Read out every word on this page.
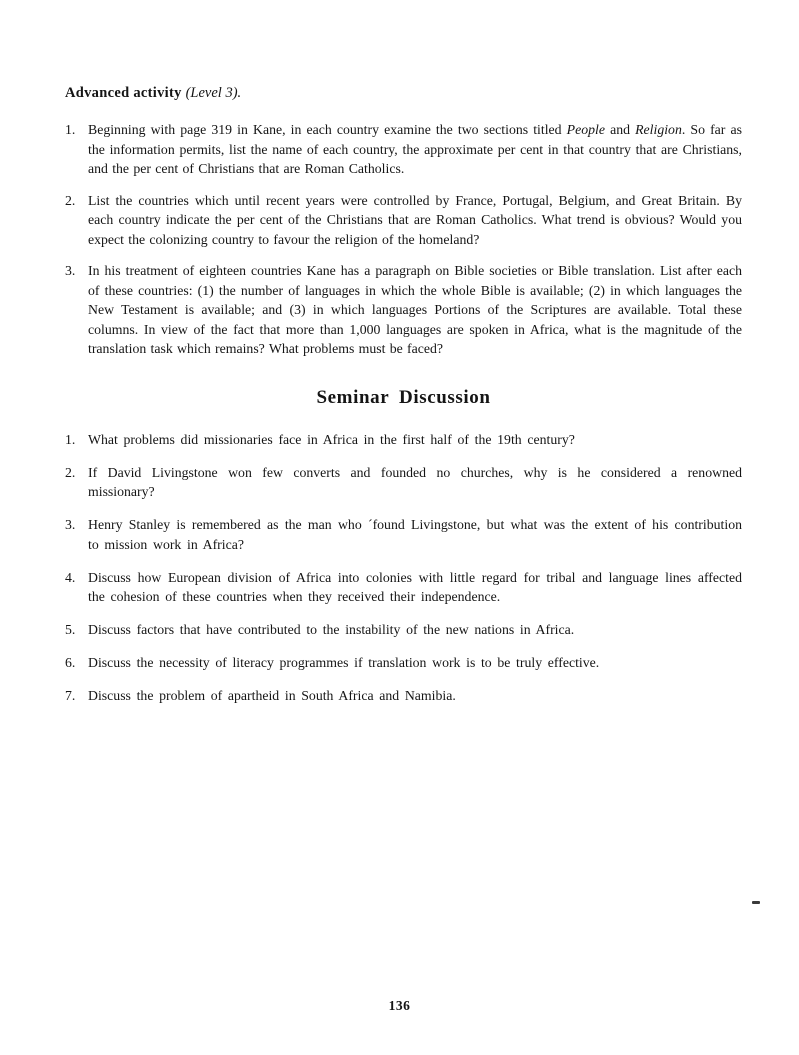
Advanced activity (Level 3).

1. Beginning with page 319 in Kane, in each country examine the two sections titled People and Religion. So far as the information permits, list the name of each country, the approximate per cent in that country that are Christians, and the per cent of Christians that are Roman Catholics.
2. List the countries which until recent years were controlled by France, Portugal, Belgium, and Great Britain. By each country indicate the per cent of the Christians that are Roman Catholics. What trend is obvious? Would you expect the colonizing country to favour the religion of the homeland?
3. In his treatment of eighteen countries Kane has a paragraph on Bible societies or Bible translation. List after each of these countries: (1) the number of languages in which the whole Bible is available; (2) in which languages the New Testament is available; and (3) in which languages Portions of the Scriptures are available. Total these columns. In view of the fact that more than 1,000 languages are spoken in Africa, what is the magnitude of the translation task which remains? What problems must be faced?
Seminar Discussion
1. What problems did missionaries face in Africa in the first half of the 19th century?
2. If David Livingstone won few converts and founded no churches, why is he considered a renowned missionary?
3. Henry Stanley is remembered as the man who ´found Livingstone, but what was the extent of his contribution to mission work in Africa?
4. Discuss how European division of Africa into colonies with little regard for tribal and language lines affected the cohesion of these countries when they received their independence.
5. Discuss factors that have contributed to the instability of the new nations in Africa.
6. Discuss the necessity of literacy programmes if translation work is to be truly effective.
7. Discuss the problem of apartheid in South Africa and Namibia.
136
